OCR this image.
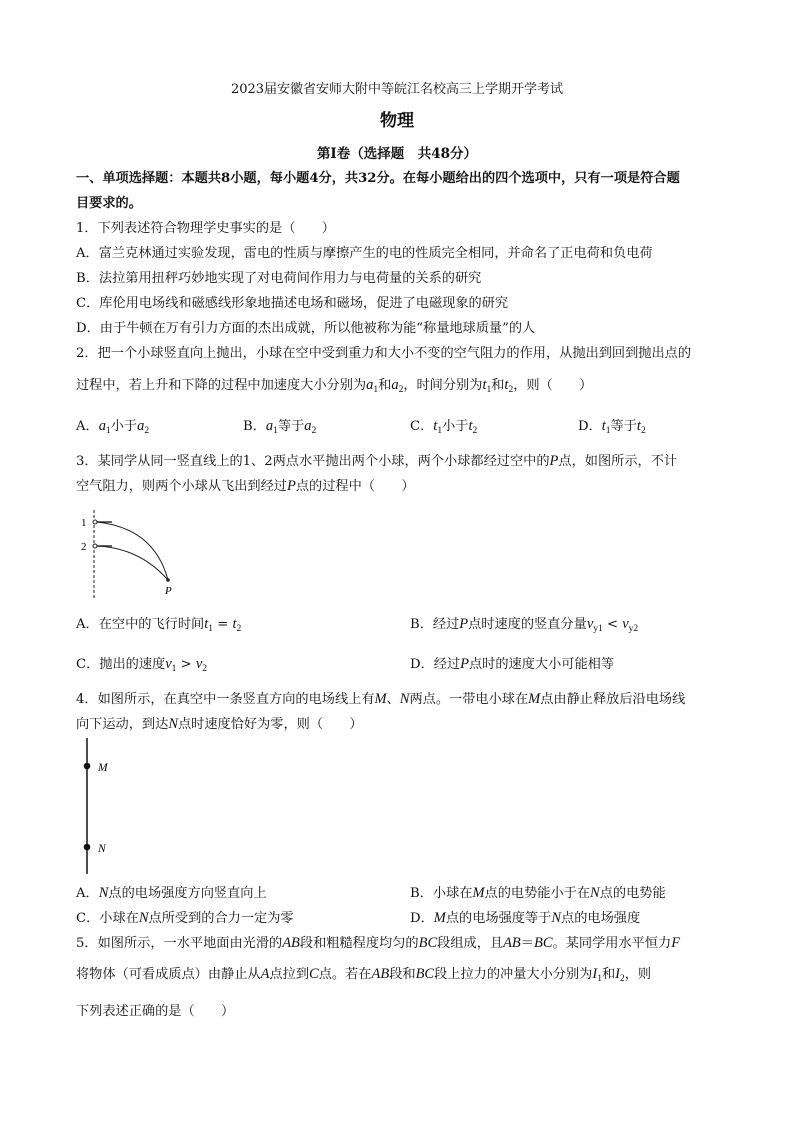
2023届安徽省安师大附中等皖江名校高三上学期开学考试
物理
第Ⅰ卷（选择题　共48分）
一、单项选择题：本题共8小题，每小题4分，共32分。在每小题给出的四个选项中，只有一项是符合题
目要求的。
1．下列表述符合物理学史事实的是（　　）
A．富兰克林通过实验发现，雷电的性质与摩擦产生的电的性质完全相同，并命名了正电荷和负电荷
B．法拉第用扭秤巧妙地实现了对电荷间作用力与电荷量的关系的研究
C．库伦用电场线和磁感线形象地描述电场和磁场，促进了电磁现象的研究
D．由于牛顿在万有引力方面的杰出成就，所以他被称为能“称量地球质量”的人
2．把一个小球竖直向上抛出，小球在空中受到重力和大小不变的空气阻力的作用，从抛出到回到抛出点的
过程中，若上升和下降的过程中加速度大小分别为$a_1$和$a_2$，时间分别为$t_1$和$t_2$，则（　　）
A．$a_1$小于$a_2$	B．$a_1$等于$a_2$	C．$t_1$小于$t_2$	D．$t_1$等于$t_2$
3．某同学从同一竖直线上的1、2两点水平抛出两个小球，两个小球都经过空中的P点，如图所示，不计
空气阻力，则两个小球从飞出到经过P点的过程中（　　）
1
2
P
A．在空中的飞行时间$t_1 = t_2$	B．经过P点时速度的竖直分量$v_{y1} < v_{y2}$
C．抛出的速度$v_1 > v_2$	D．经过P点时的速度大小可能相等
4．如图所示，在真空中一条竖直方向的电场线上有M、N两点。一带电小球在M点由静止释放后沿电场线
向下运动，到达N点时速度恰好为零，则（　　）
M
N
A．N点的电场强度方向竖直向上	B．小球在M点的电势能小于在N点的电势能
C．小球在N点所受到的合力一定为零	D．M点的电场强度等于N点的电场强度
5．如图所示，一水平地面由光滑的AB段和粗糙程度均匀的BC段组成，且AB＝BC。某同学用水平恒力F
将物体（可看成质点）由静止从A点拉到C点。若在AB段和BC段上拉力的冲量大小分别为$I_1$和$I_2$，则
下列表述正确的是（　　）
